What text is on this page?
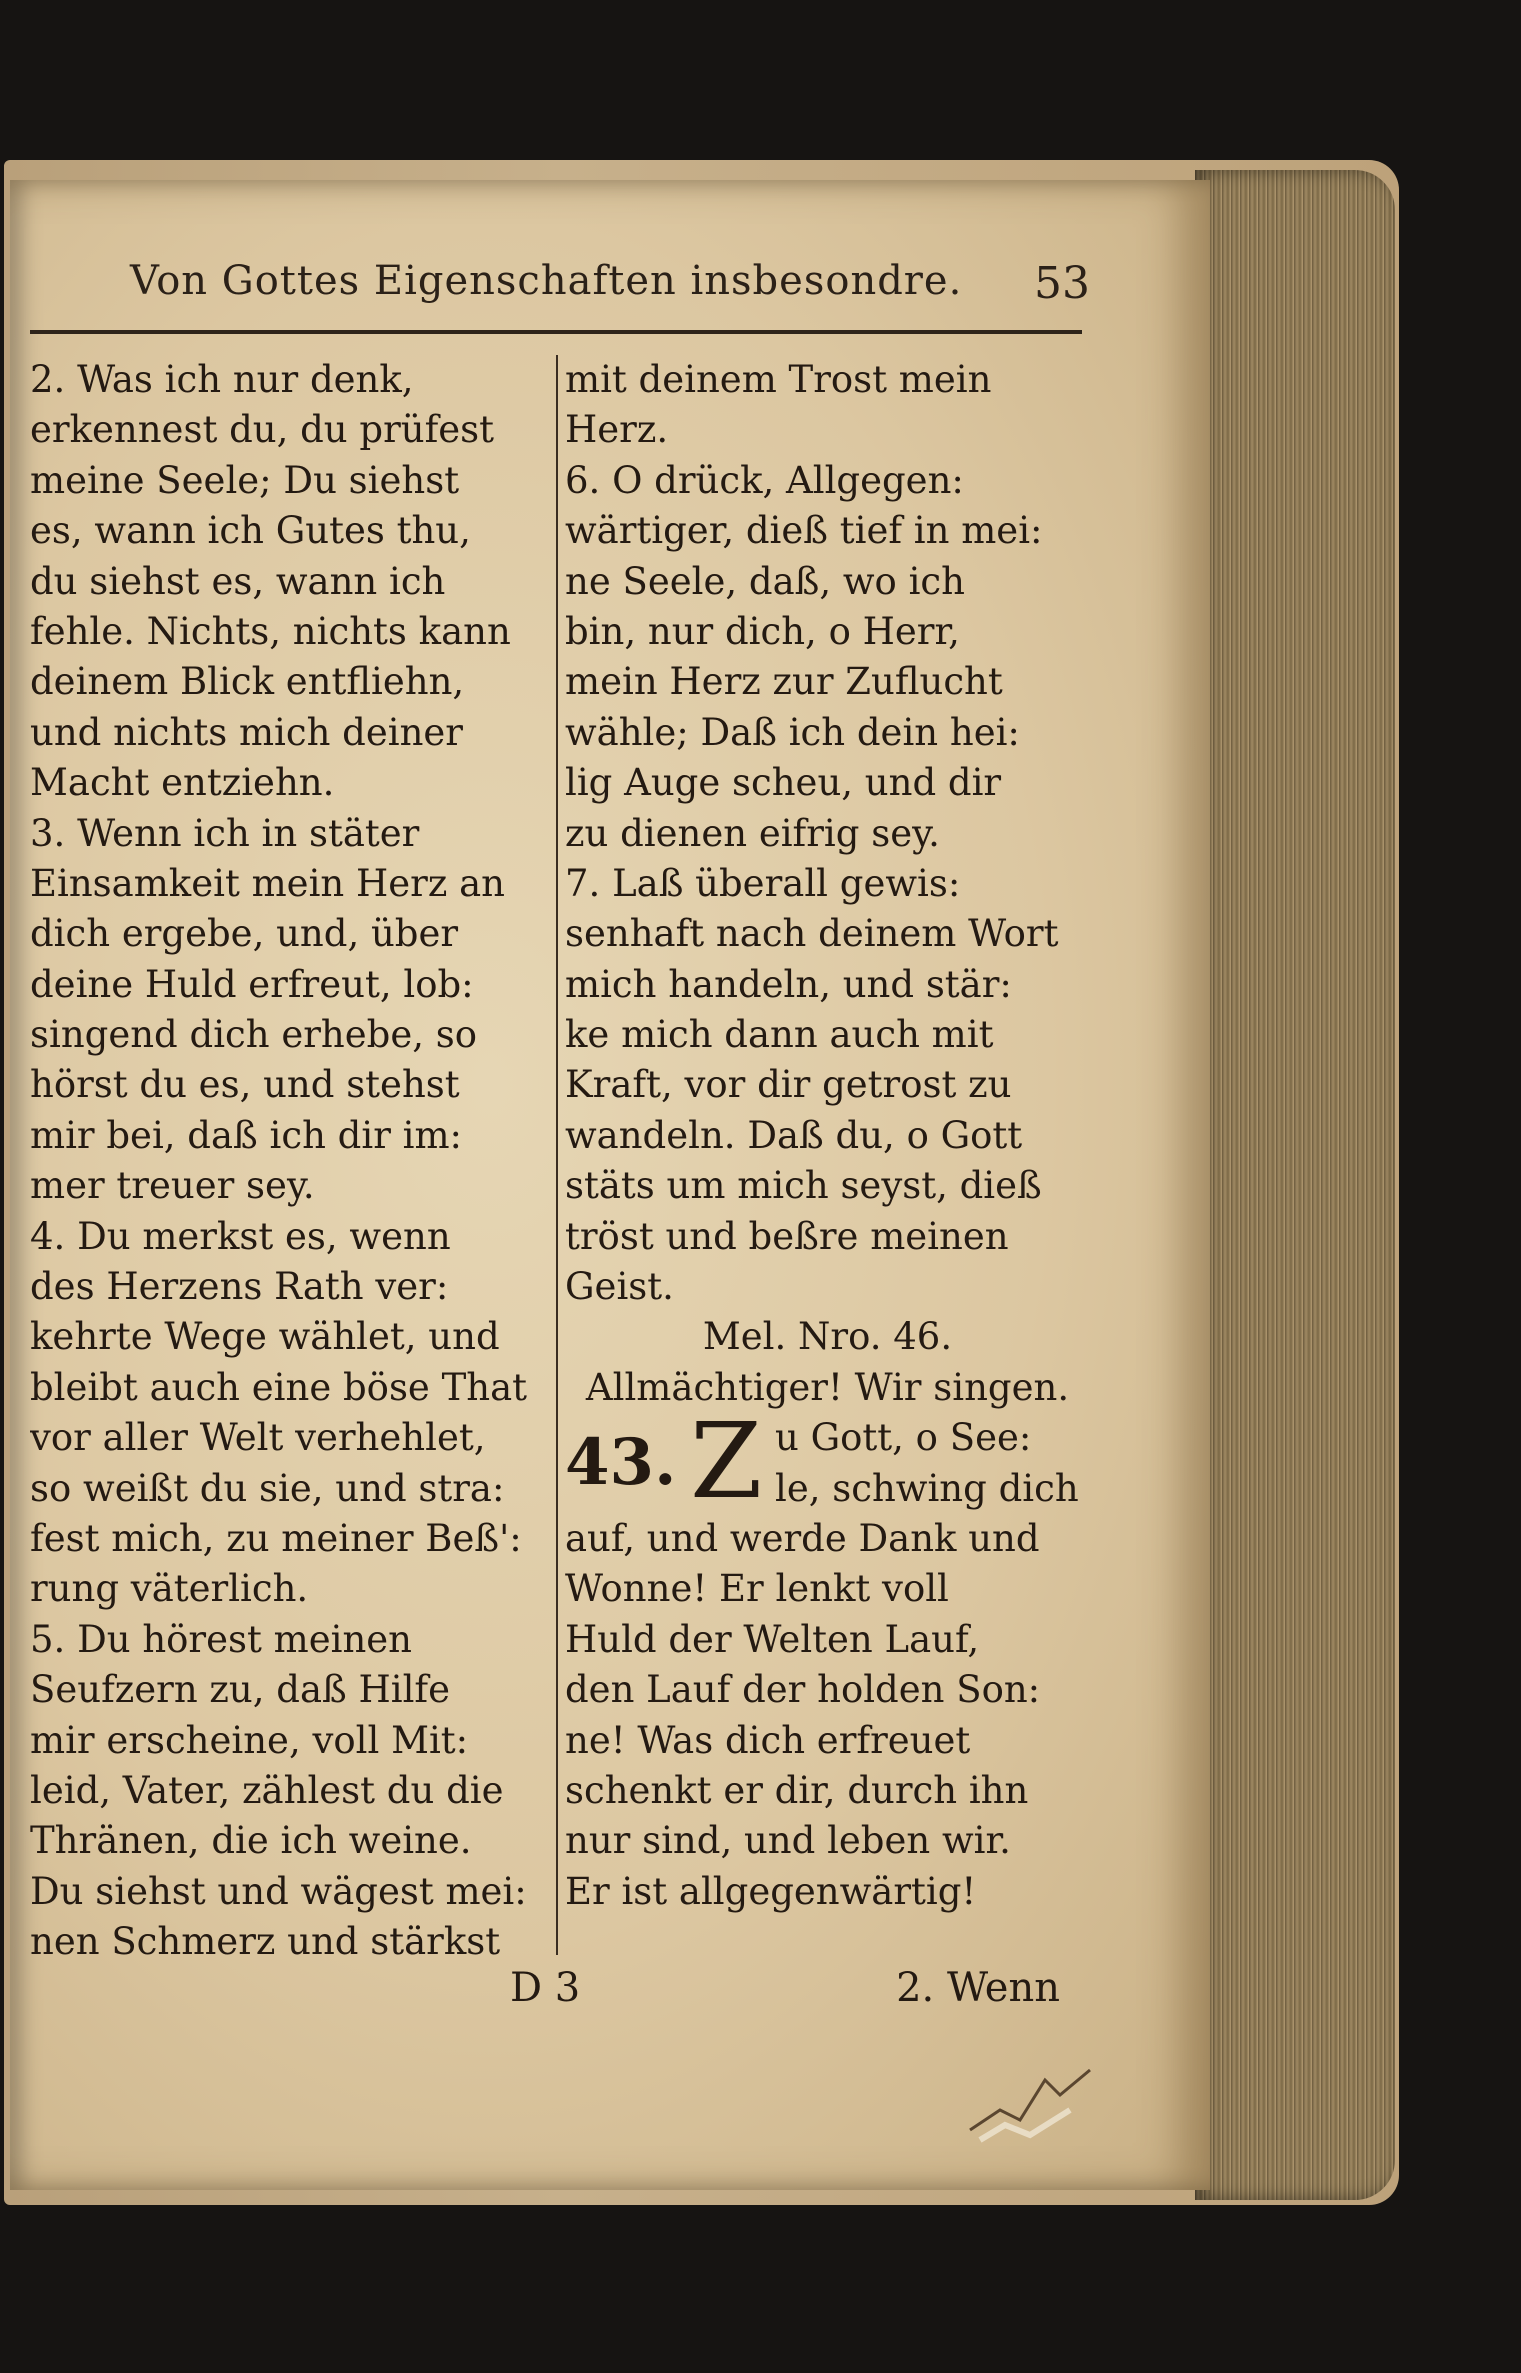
Von Gottes Eigenschaften insbesondre. 53
2. Was ich nur denk,
erkennest du, du prüfest
meine Seele; Du siehst
es, wann ich Gutes thu,
du siehst es, wann ich
fehle. Nichts, nichts kann
deinem Blick entfliehn,
und nichts mich deiner
Macht entziehn.
3. Wenn ich in stäter
Einsamkeit mein Herz an
dich ergebe, und, über
deine Huld erfreut, lob:
singend dich erhebe, so
hörst du es, und stehst
mir bei, daß ich dir im:
mer treuer sey.
4. Du merkst es, wenn
des Herzens Rath ver:
kehrte Wege wählet, und
bleibt auch eine böse That
vor aller Welt verhehlet,
so weißt du sie, und stra:
fest mich, zu meiner Beß':
rung väterlich.
5. Du hörest meinen
Seufzern zu, daß Hilfe
mir erscheine, voll Mit:
leid, Vater, zählest du die
Thränen, die ich weine.
Du siehst und wägest mei:
nen Schmerz und stärkst
mit deinem Trost mein
Herz.
6. O drück, Allgegen:
wärtiger, dieß tief in mei:
ne Seele, daß, wo ich
bin, nur dich, o Herr,
mein Herz zur Zuflucht
wähle; Daß ich dein hei:
lig Auge scheu, und dir
zu dienen eifrig sey.
7. Laß überall gewis:
senhaft nach deinem Wort
mich handeln, und stär:
ke mich dann auch mit
Kraft, vor dir getrost zu
wandeln. Daß du, o Gott
stäts um mich seyst, dieß
tröst und beßre meinen
Geist.
Mel. Nro. 46.
Allmächtiger! Wir singen.
43. Z u Gott, o See:
le, schwing dich
auf, und werde Dank und
Wonne! Er lenkt voll
Huld der Welten Lauf,
den Lauf der holden Son:
ne! Was dich erfreuet
schenkt er dir, durch ihn
nur sind, und leben wir.
Er ist allgegenwärtig!
D 3	2. Wenn
